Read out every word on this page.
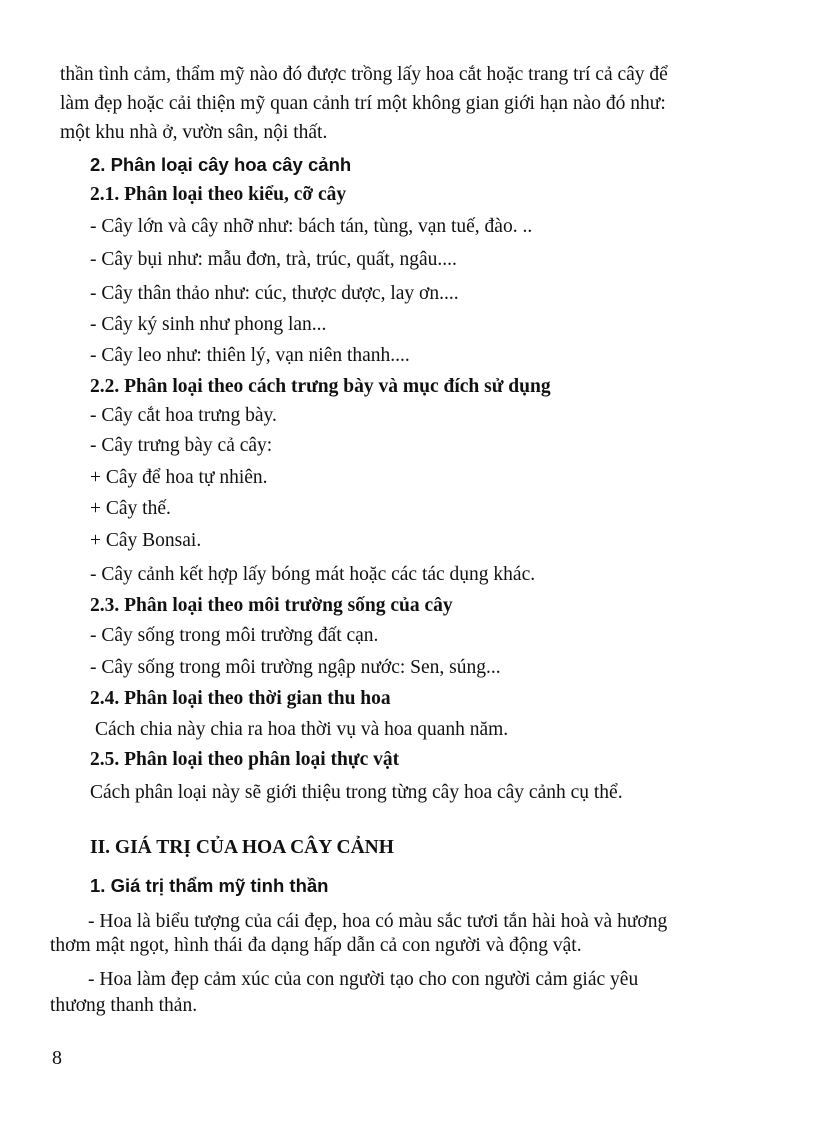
thần tình cảm, thẩm mỹ nào đó được trồng lấy hoa cắt hoặc trang trí cả cây để
làm đẹp hoặc cải thiện mỹ quan cảnh trí một không gian giới hạn nào đó như:
một khu nhà ở, vườn sân, nội thất.
2. Phân loại cây hoa cây cảnh
2.1. Phân loại theo kiểu, cỡ cây
- Cây lớn và cây nhỡ như: bách tán, tùng, vạn tuế, đào. ..
- Cây bụi như: mẫu đơn, trà, trúc, quất, ngâu....
- Cây thân thảo như: cúc, thược dược, lay ơn....
- Cây ký sinh như phong lan...
- Cây leo như: thiên lý, vạn niên thanh....
2.2. Phân loại theo cách trưng bày và mục đích sử dụng
- Cây cắt hoa trưng bày.
- Cây trưng bày cả cây:
+ Cây để hoa tự nhiên.
+ Cây thế.
+ Cây Bonsai.
- Cây cảnh kết hợp lấy bóng mát hoặc các tác dụng khác.
2.3. Phân loại theo môi trường sống của cây
- Cây sống trong môi trường đất cạn.
- Cây sống trong môi trường ngập nước: Sen, súng...
2.4. Phân loại theo thời gian thu hoa
Cách chia này chia ra hoa thời vụ và hoa quanh năm.
2.5. Phân loại theo phân loại thực vật
Cách phân loại này sẽ giới thiệu trong từng cây hoa cây cảnh cụ thể.
II. GIÁ TRỊ CỦA HOA CÂY CẢNH
1. Giá trị thẩm mỹ tinh thần
- Hoa là biểu tượng của cái đẹp, hoa có màu sắc tươi tắn hài hoà và hương
thơm mật ngọt, hình thái đa dạng hấp dẫn cả con người và động vật.
- Hoa làm đẹp cảm xúc của con người tạo cho con người cảm giác yêu
thương thanh thản.
8
